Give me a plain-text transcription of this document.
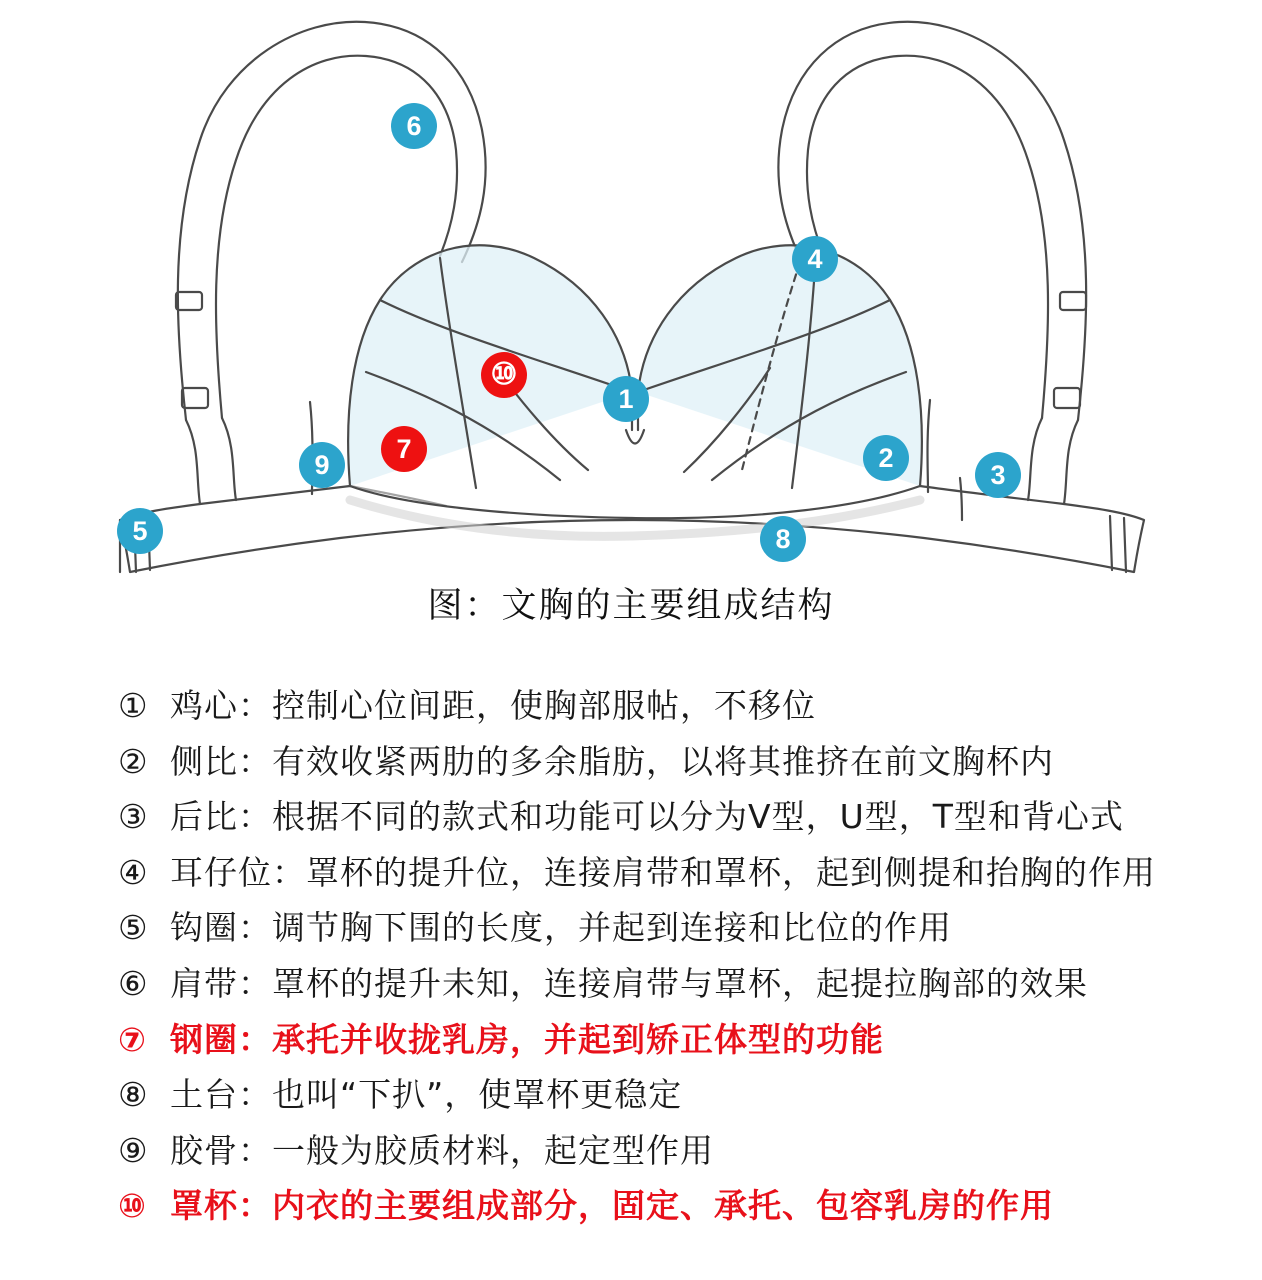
6
4
⑩
1
7	2
9	3
5	8
图：文胸的主要组成结构
① 鸡心：控制心位间距，使胸部服帖，不移位
② 侧比：有效收紧两肋的多余脂肪，以将其推挤在前文胸杯内
③ 后比：根据不同的款式和功能可以分为V型，U型，T型和背心式
④ 耳仔位：罩杯的提升位，连接肩带和罩杯，起到侧提和抬胸的作用
⑤ 钩圈：调节胸下围的长度，并起到连接和比位的作用
⑥ 肩带：罩杯的提升未知，连接肩带与罩杯，起提拉胸部的效果
⑦ 钢圈：承托并收拢乳房，并起到矫正体型的功能
⑧ 土台：也叫“下扒”，使罩杯更稳定
⑨ 胶骨：一般为胶质材料，起定型作用
⑩ 罩杯：内衣的主要组成部分，固定、承托、包容乳房的作用
